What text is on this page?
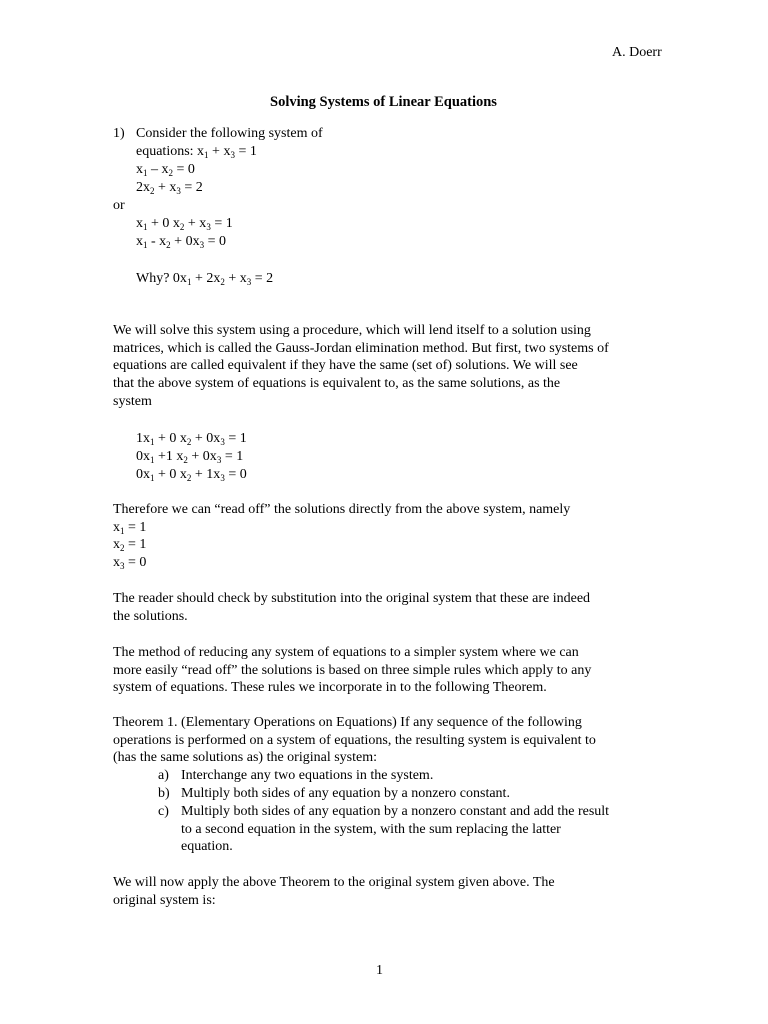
A. Doerr
Solving Systems of Linear Equations
1) Consider the following system of
equations: $x_1 + x_3 = 1$
$x_1 - x_2 = 0$
$2x_2 + x_3 = 2$
or
$x_1 + 0$ $x_2 + x_3 = 1$
$x_1 - x_2 + 0x_3 = 0$
Why? $0x_1 + 2x_2 + x_3 = 2$
We will solve this system using a procedure, which will lend itself to a solution using
matrices, which is called the Gauss-Jordan elimination method. But first, two systems of
equations are called equivalent if they have the same (set of) solutions. We will see
that the above system of equations is equivalent to, as the same solutions, as the
system
$1x_1 + 0$ $x_2 + 0x_3 = 1$
$0x_1 +1$ $x_2 + 0x_3 = 1$
$0x_1 + 0$ $x_2 + 1x_3 = 0$
Therefore we can “read off” the solutions directly from the above system, namely
$x_1 = 1$
$x_2 = 1$
$x_3 = 0$
The reader should check by substitution into the original system that these are indeed
the solutions.
The method of reducing any system of equations to a simpler system where we can
more easily “read off” the solutions is based on three simple rules which apply to any
system of equations. These rules we incorporate in to the following Theorem.
Theorem 1. (Elementary Operations on Equations) If any sequence of the following
operations is performed on a system of equations, the resulting system is equivalent to
(has the same solutions as) the original system:
a) Interchange any two equations in the system.
b) Multiply both sides of any equation by a nonzero constant.
c) Multiply both sides of any equation by a nonzero constant and add the result
to a second equation in the system, with the sum replacing the latter
equation.
We will now apply the above Theorem to the original system given above. The
original system is:
1
